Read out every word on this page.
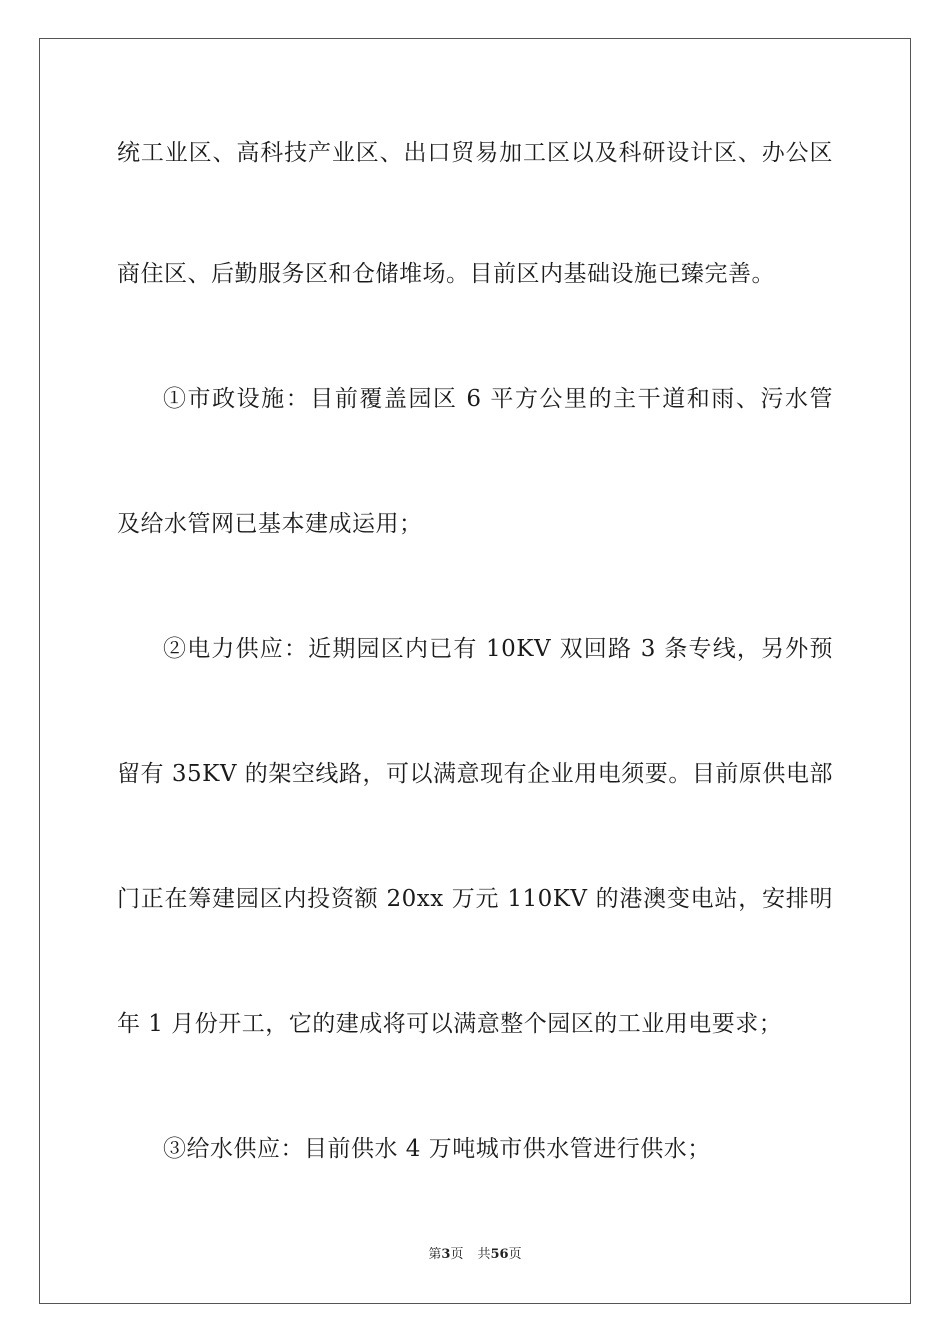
统工业区、高科技产业区、出口贸易加工区以及科研设计区、办公区
商住区、后勤服务区和仓储堆场。目前区内基础设施已臻完善。
①市政设施：目前覆盖园区 6 平方公里的主干道和雨、污水管
及给水管网已基本建成运用；
②电力供应：近期园区内已有 10KV 双回路 3 条专线，另外预
留有 35KV 的架空线路，可以满意现有企业用电须要。目前原供电部
门正在筹建园区内投资额 20xx 万元 110KV 的港澳变电站，安排明
年 1 月份开工，它的建成将可以满意整个园区的工业用电要求；
③给水供应：目前供水 4 万吨城市供水管进行供水；
第3页 共56页
